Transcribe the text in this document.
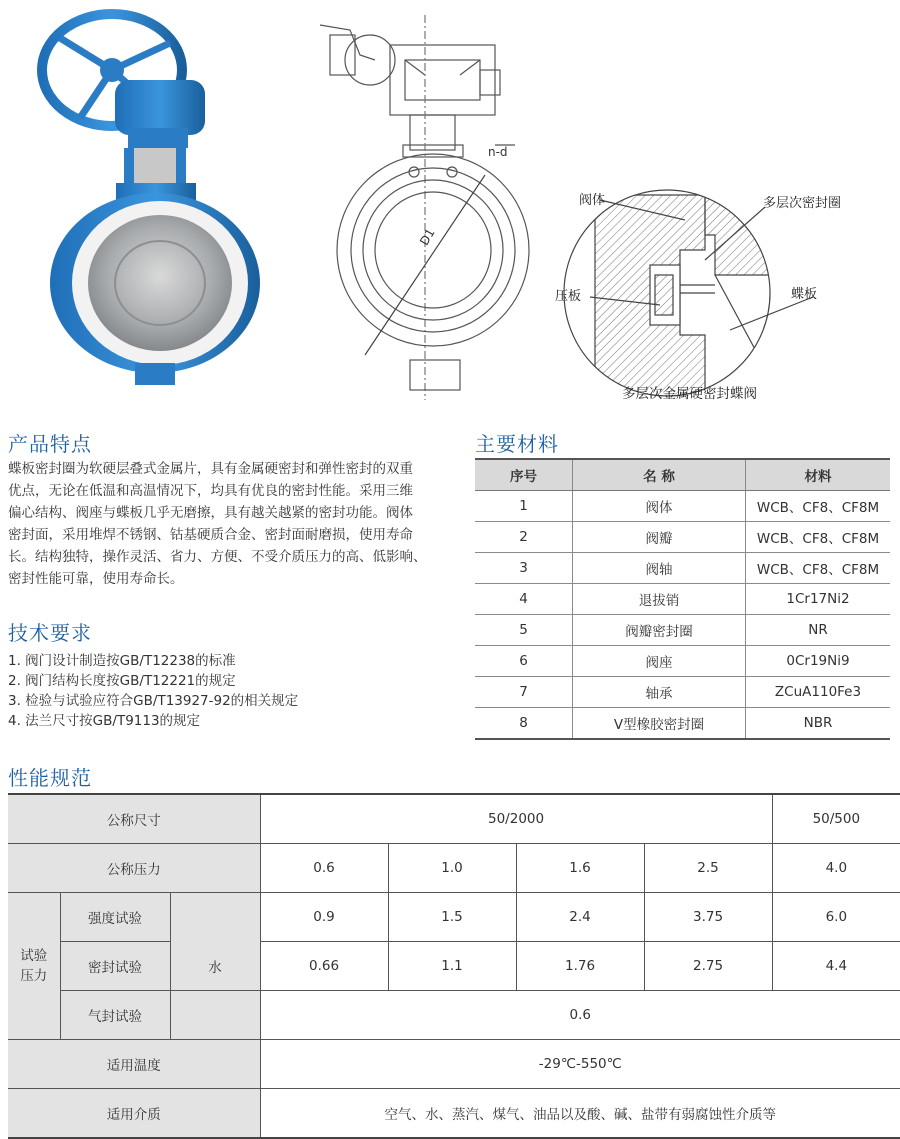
n-d
D1
阀体	多层次密封圈
压板	蝶板
多层次金属硬密封蝶阀
产品特点
蝶板密封圈为软硬层叠式金属片，具有金属硬密封和弹性密封的双重
优点，无论在低温和高温情况下，均具有优良的密封性能。采用三维
偏心结构、阀座与蝶板几乎无磨擦，具有越关越紧的密封功能。阀体
密封面，采用堆焊不锈钢、钴基硬质合金、密封面耐磨损，使用寿命
长。结构独特，操作灵活、省力、方便、不受介质压力的高、低影响、
密封性能可靠，使用寿命长。
技术要求

1. 阀门设计制造按GB/T12238的标准

2. 阀门结构长度按GB/T12221的规定

3. 检验与试验应符合GB/T13927-92的相关规定

4. 法兰尺寸按GB/T9113的规定

主要材料
序号	名 称	材料
1	阀体	WCB、CF8、CF8M
2	阀瓣	WCB、CF8、CF8M
3	阀轴	WCB、CF8、CF8M
4	退拔销	1Cr17Ni2
5	阀瓣密封圈	NR
6	阀座	0Cr19Ni9
7	轴承	ZCuA110Fe3
8	V型橡胶密封圈	NBR
性能规范
公称尺寸			50/2000				50/500
公称压力			0.6	1.0	1.6	2.5	4.0
试验
压力	强度试验		0.9	1.5	2.4	3.75	6.0
	密封试验	水	0.66	1.1	1.76	2.75	4.4
	气封试验		0.6				
适用温度			-29℃-550℃				
适用介质			空气、水、蒸汽、煤气、油品以及酸、碱、盐带有弱腐蚀性介质等				
